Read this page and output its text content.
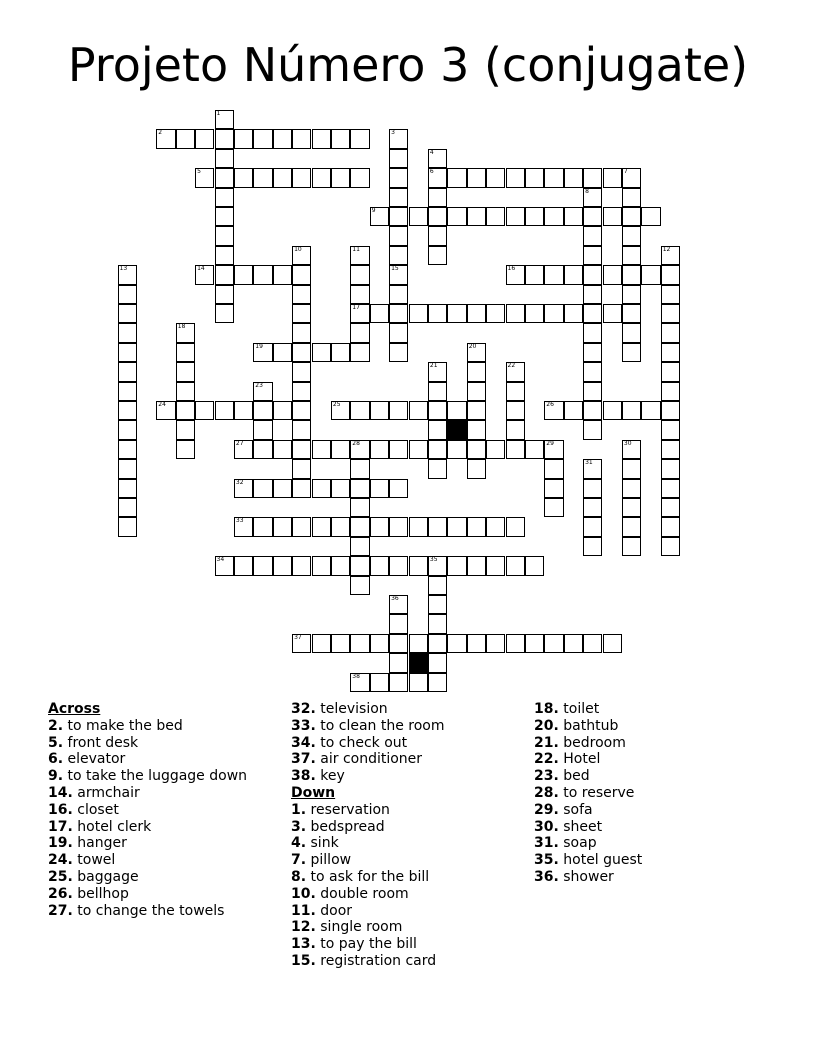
Projeto Número 3 (conjugate)
1
2	3
15
4
6
5	7
8
9
10	11
17
12
13	14	16
18
19	20
21	22
23
24	25	26
27	28	29	30
31
32
33
34	35
36
37
38
Across
2. to make the bed
5. front desk
6. elevator
9. to take the luggage down
14. armchair
16. closet
17. hotel clerk
19. hanger
24. towel
25. baggage
26. bellhop
27. to change the towels
32. television
33. to clean the room
34. to check out
37. air conditioner
38. key
Down
1. reservation
3. bedspread
4. sink
7. pillow
8. to ask for the bill
10. double room
11. door
12. single room
13. to pay the bill
15. registration card
18. toilet
20. bathtub
21. bedroom
22. Hotel
23. bed
28. to reserve
29. sofa
30. sheet
31. soap
35. hotel guest
36. shower
